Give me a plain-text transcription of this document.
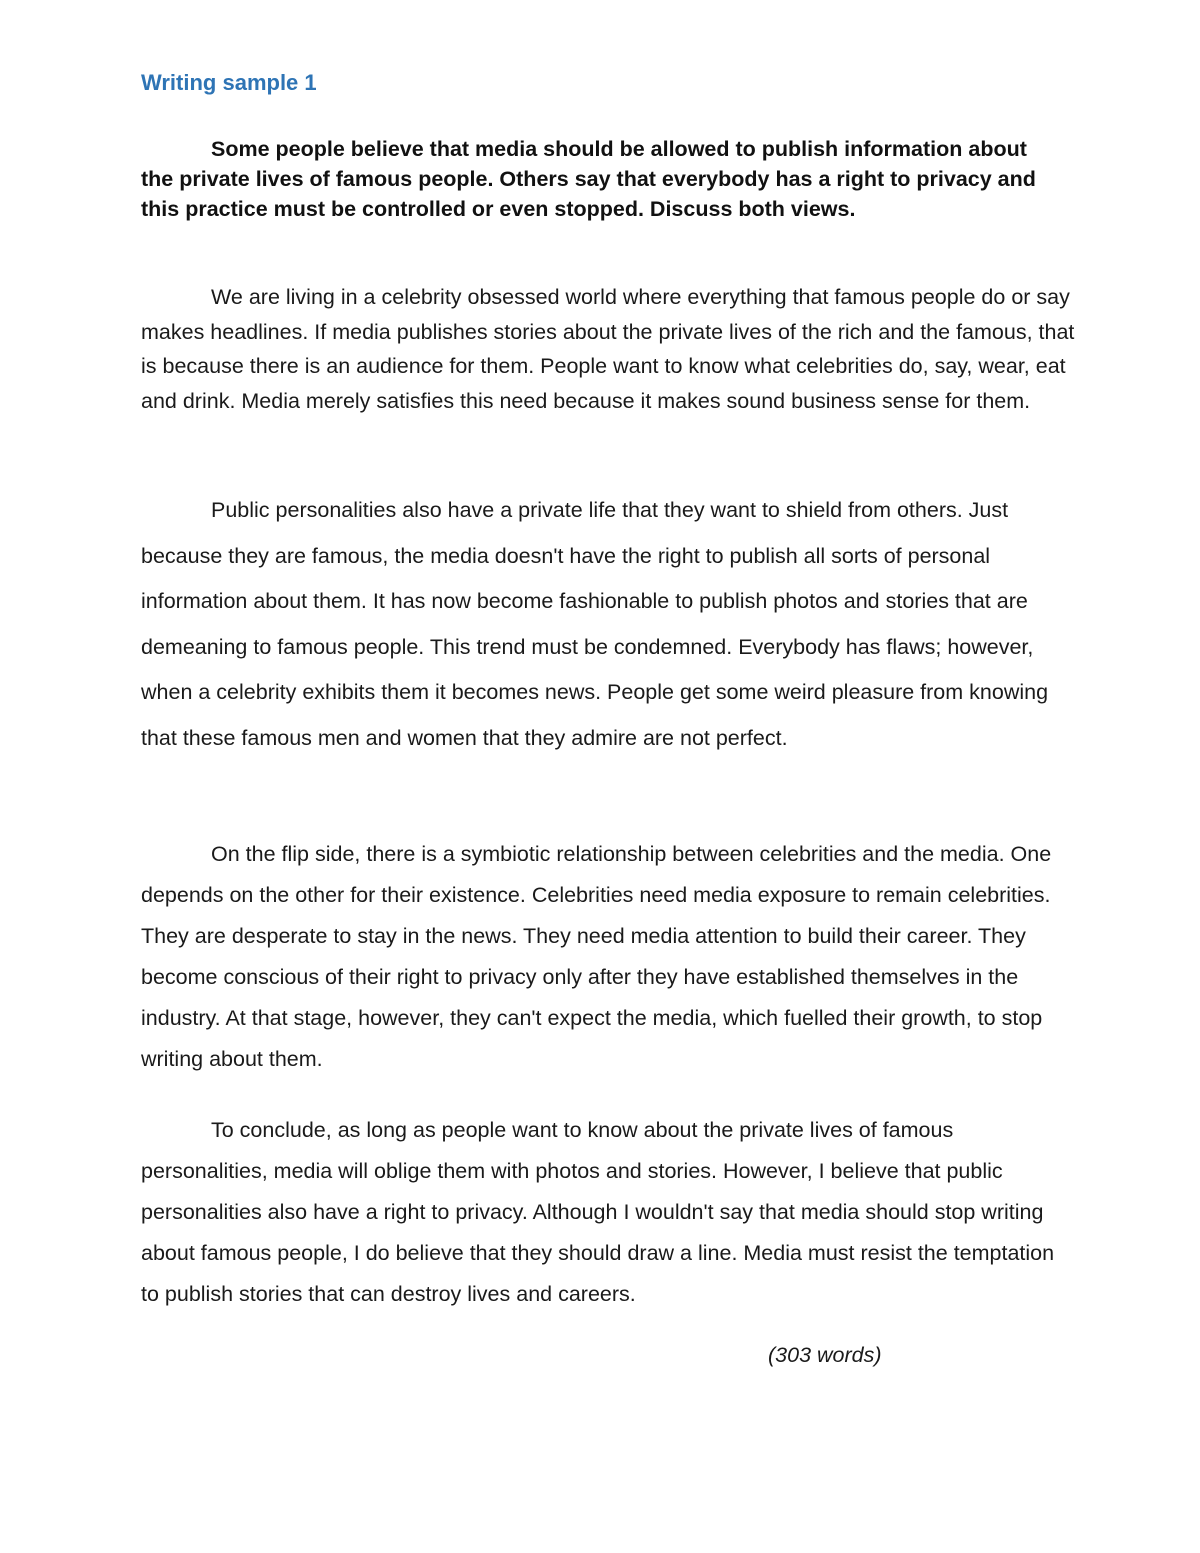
Writing sample 1

Some people believe that media should be allowed to publish information about the private lives of famous people. Others say that everybody has a right to privacy and this practice must be controlled or even stopped. Discuss both views.

We are living in a celebrity obsessed world where everything that famous people do or say makes headlines. If media publishes stories about the private lives of the rich and the famous, that is because there is an audience for them. People want to know what celebrities do, say, wear, eat and drink. Media merely satisfies this need because it makes sound business sense for them.

Public personalities also have a private life that they want to shield from others. Just because they are famous, the media doesn't have the right to publish all sorts of personal information about them. It has now become fashionable to publish photos and stories that are demeaning to famous people. This trend must be condemned. Everybody has flaws; however, when a celebrity exhibits them it becomes news. People get some weird pleasure from knowing that these famous men and women that they admire are not perfect.

On the flip side, there is a symbiotic relationship between celebrities and the media. One depends on the other for their existence. Celebrities need media exposure to remain celebrities. They are desperate to stay in the news. They need media attention to build their career. They become conscious of their right to privacy only after they have established themselves in the industry. At that stage, however, they can't expect the media, which fuelled their growth, to stop writing about them.

To conclude, as long as people want to know about the private lives of famous personalities, media will oblige them with photos and stories. However, I believe that public personalities also have a right to privacy. Although I wouldn't say that media should stop writing about famous people, I do believe that they should draw a line. Media must resist the temptation to publish stories that can destroy lives and careers.

(303 words)
